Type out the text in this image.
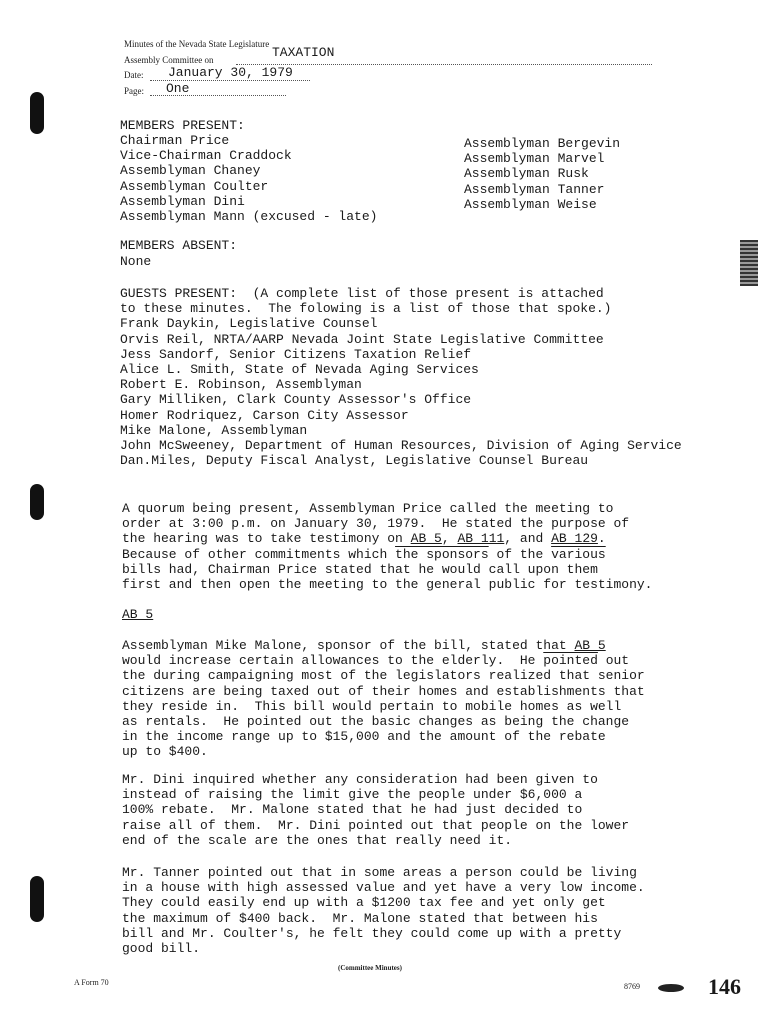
Minutes of the Nevada State Legislature
Assembly Committee on	TAXATION
Date: January 30, 1979
Page: One
MEMBERS PRESENT:
Chairman Price
Vice-Chairman Craddock
Assemblyman Chaney
Assemblyman Coulter
Assemblyman Dini
Assemblyman Mann (excused - late)
Assemblyman Bergevin
Assemblyman Marvel
Assemblyman Rusk
Assemblyman Tanner
Assemblyman Weise
MEMBERS ABSENT:
None
GUESTS PRESENT:  (A complete list of those present is attached
to these minutes.  The folowing is a list of those that spoke.)
Frank Daykin, Legislative Counsel
Orvis Reil, NRTA/AARP Nevada Joint State Legislative Committee
Jess Sandorf, Senior Citizens Taxation Relief
Alice L. Smith, State of Nevada Aging Services
Robert E. Robinson, Assemblyman
Gary Milliken, Clark County Assessor's Office
Homer Rodriquez, Carson City Assessor
Mike Malone, Assemblyman
John McSweeney, Department of Human Resources, Division of Aging Service
Dan.Miles, Deputy Fiscal Analyst, Legislative Counsel Bureau
A quorum being present, Assemblyman Price called the meeting to
order at 3:00 p.m. on January 30, 1979.  He stated the purpose of
the hearing was to take testimony on AB 5, AB 111, and AB 129.
Because of other commitments which the sponsors of the various
bills had, Chairman Price stated that he would call upon them
first and then open the meeting to the general public for testimony.
AB 5
Assemblyman Mike Malone, sponsor of the bill, stated that AB 5
would increase certain allowances to the elderly.  He pointed out
the during campaigning most of the legislators realized that senior
citizens are being taxed out of their homes and establishments that
they reside in.  This bill would pertain to mobile homes as well
as rentals.  He pointed out the basic changes as being the change
in the income range up to $15,000 and the amount of the rebate
up to $400.
Mr. Dini inquired whether any consideration had been given to
instead of raising the limit give the people under $6,000 a
100% rebate.  Mr. Malone stated that he had just decided to
raise all of them.  Mr. Dini pointed out that people on the lower
end of the scale are the ones that really need it.
Mr. Tanner pointed out that in some areas a person could be living
in a house with high assessed value and yet have a very low income.
They could easily end up with a $1200 tax fee and yet only get
the maximum of $400 back.  Mr. Malone stated that between his
bill and Mr. Coulter's, he felt they could come up with a pretty
good bill.
A Form 70
(Committee Minutes)
8769	146
